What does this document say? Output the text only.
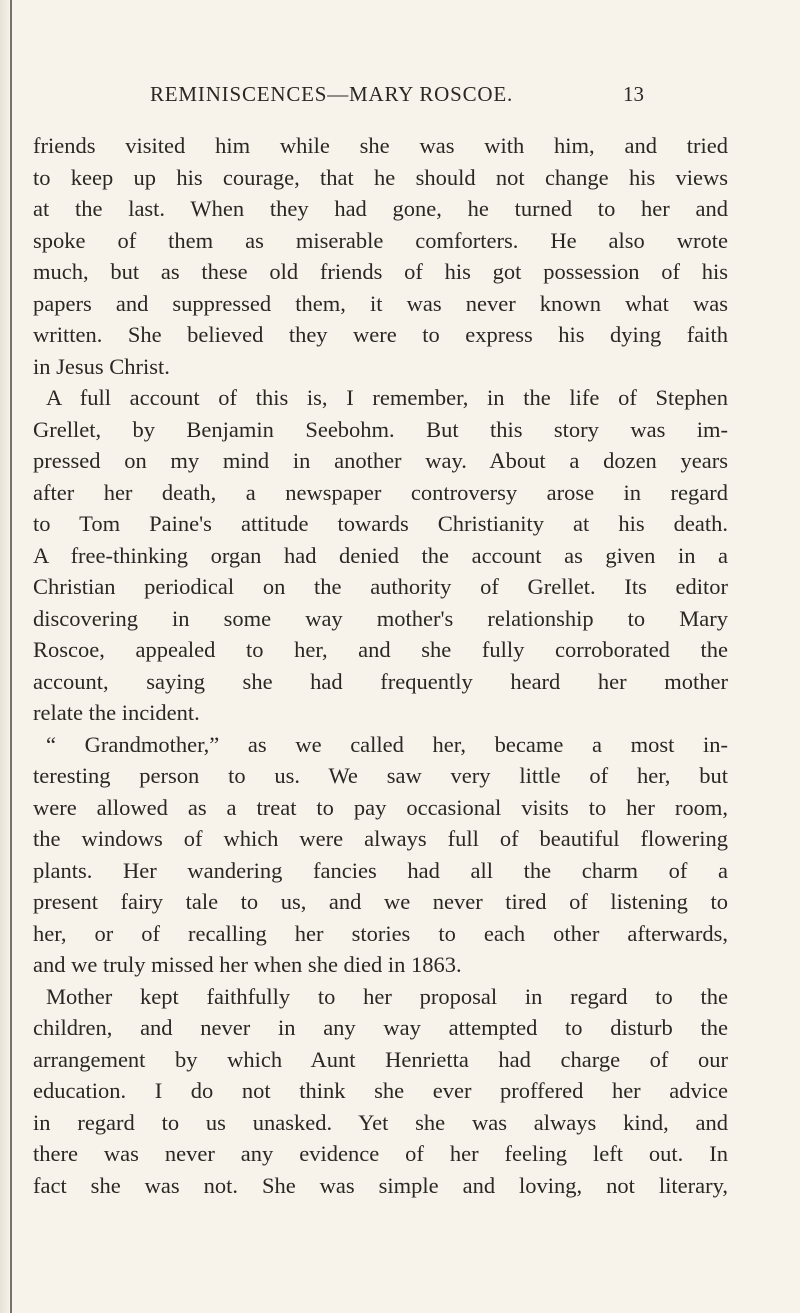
REMINISCENCES—MARY ROSCOE.	13
friends visited him while she was with him, and tried
to keep up his courage, that he should not change his views
at the last. When they had gone, he turned to her and
spoke of them as miserable comforters. He also wrote
much, but as these old friends of his got possession of his
papers and suppressed them, it was never known what was
written. She believed they were to express his dying faith
in Jesus Christ.
A full account of this is, I remember, in the life of Stephen
Grellet, by Benjamin Seebohm. But this story was im-
pressed on my mind in another way. About a dozen years
after her death, a newspaper controversy arose in regard
to Tom Paine's attitude towards Christianity at his death.
A free-thinking organ had denied the account as given in a
Christian periodical on the authority of Grellet. Its editor
discovering in some way mother's relationship to Mary
Roscoe, appealed to her, and she fully corroborated the
account, saying she had frequently heard her mother
relate the incident.
“ Grandmother,” as we called her, became a most in-
teresting person to us. We saw very little of her, but
were allowed as a treat to pay occasional visits to her room,
the windows of which were always full of beautiful flowering
plants. Her wandering fancies had all the charm of a
present fairy tale to us, and we never tired of listening to
her, or of recalling her stories to each other afterwards,
and we truly missed her when she died in 1863.
Mother kept faithfully to her proposal in regard to the
children, and never in any way attempted to disturb the
arrangement by which Aunt Henrietta had charge of our
education. I do not think she ever proffered her advice
in regard to us unasked. Yet she was always kind, and
there was never any evidence of her feeling left out. In
fact she was not. She was simple and loving, not literary,
